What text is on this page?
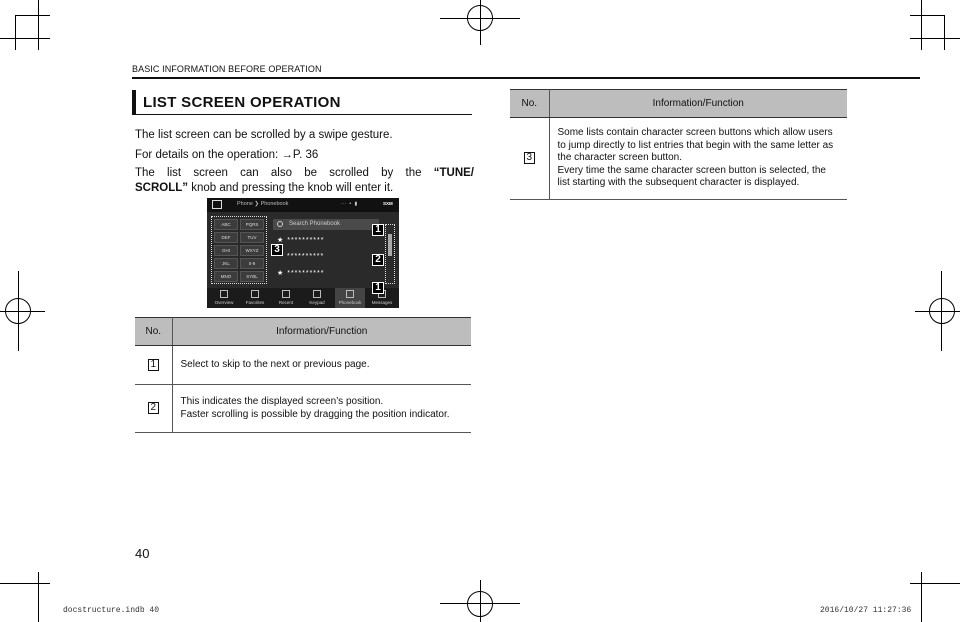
BASIC INFORMATION BEFORE OPERATION
LIST SCREEN OPERATION
The list screen can be scrolled by a swipe gesture.
For details on the operation: →P. 36
The list screen can also be scrolled by the “TUNE/
SCROLL” knob and pressing the knob will enter it.
Phone ❯ Phonebook	⋯ • ▮	SXM
ABC	PQRS
DEF	TUV
GHI	WXYZ
JKL	0-9
MNO	SYBL
Search Phonebook
★ **********
**********
★ **********
Overview	Favorites	Recent	Keypad	Phonebook	Messages
1
2
1
3
No.	Information/Function
1	Select to skip to the next or previous page.
2	This indicates the displayed screen’s position.
Faster scrolling is possible by dragging the position indicator.
No.	Information/Function
3	Some lists contain character screen buttons which allow users to jump directly to list entries that begin with the same letter as the character screen button.
Every time the same character screen button is selected, the list starting with the subsequent character is displayed.
40
docstructure.indb 40	2016/10/27 11:27:36
